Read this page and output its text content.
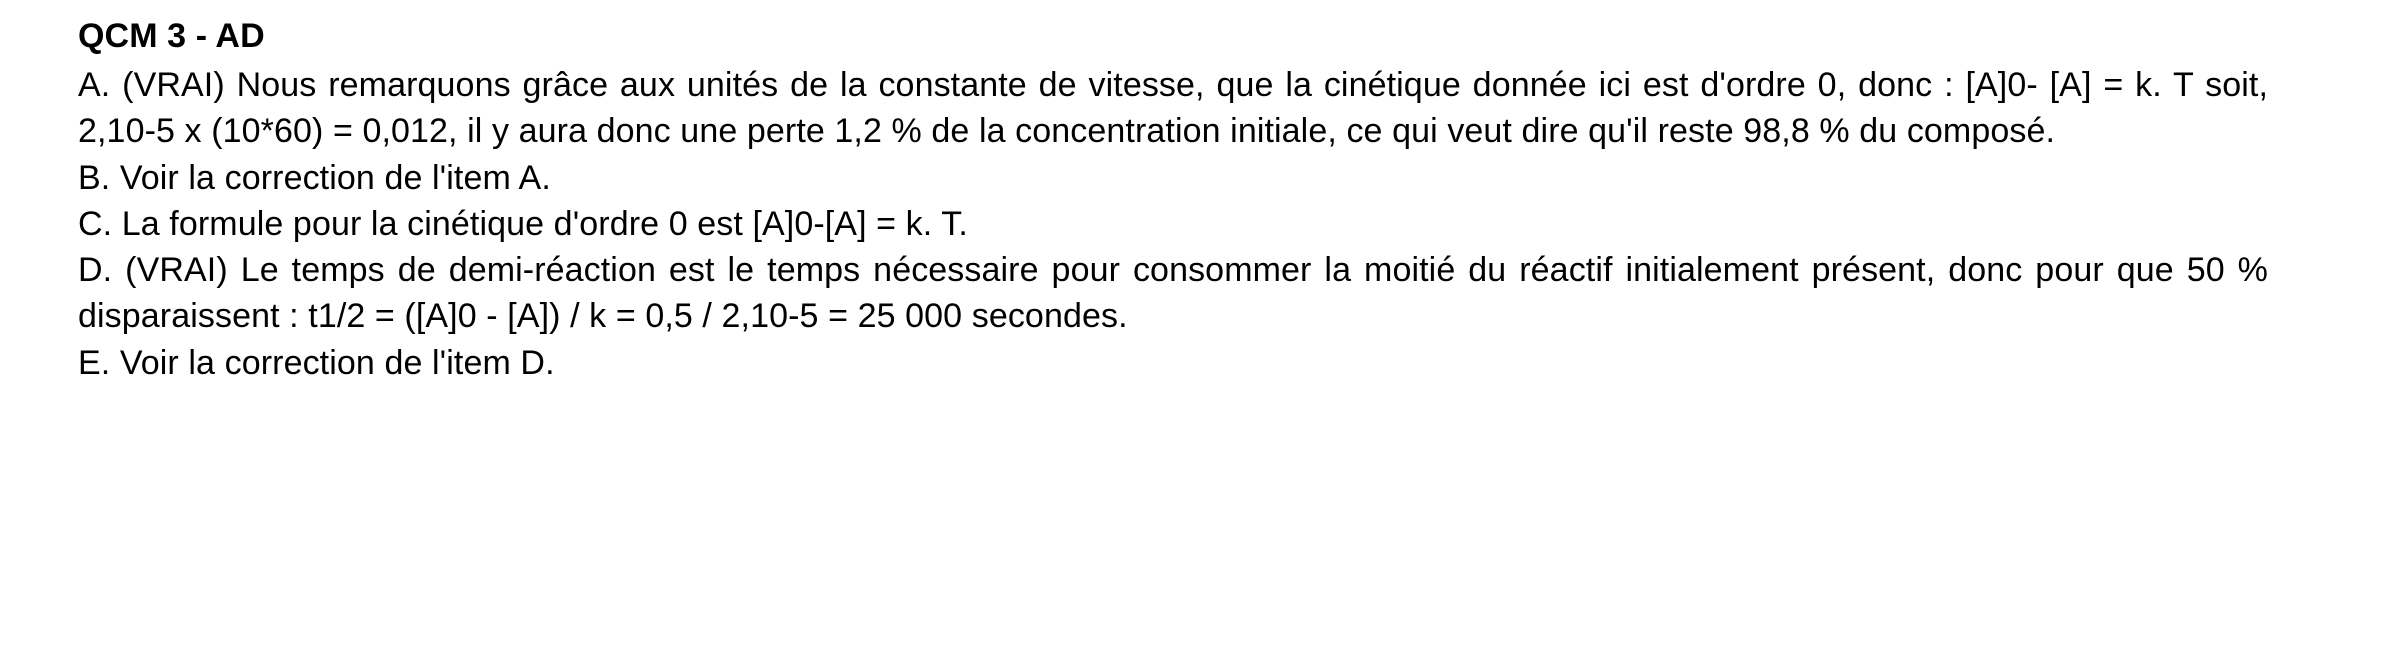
QCM 3 - AD

A. (VRAI) Nous remarquons grâce aux unités de la constante de vitesse, que la cinétique donnée ici est d'ordre 0, donc : [A]0- [A] = k. T soit, 2,10-5 x (10*60) = 0,012, il y aura donc une perte 1,2 % de la concentration initiale, ce qui veut dire qu'il reste 98,8 % du composé.

B. Voir la correction de l'item A.

C. La formule pour la cinétique d'ordre 0 est [A]0-[A] = k. T.

D. (VRAI) Le temps de demi-réaction est le temps nécessaire pour consommer la moitié du réactif initialement présent, donc pour que 50 % disparaissent : t1/2 = ([A]0 - [A]) / k = 0,5 / 2,10-5 = 25 000 secondes.

E. Voir la correction de l'item D.
